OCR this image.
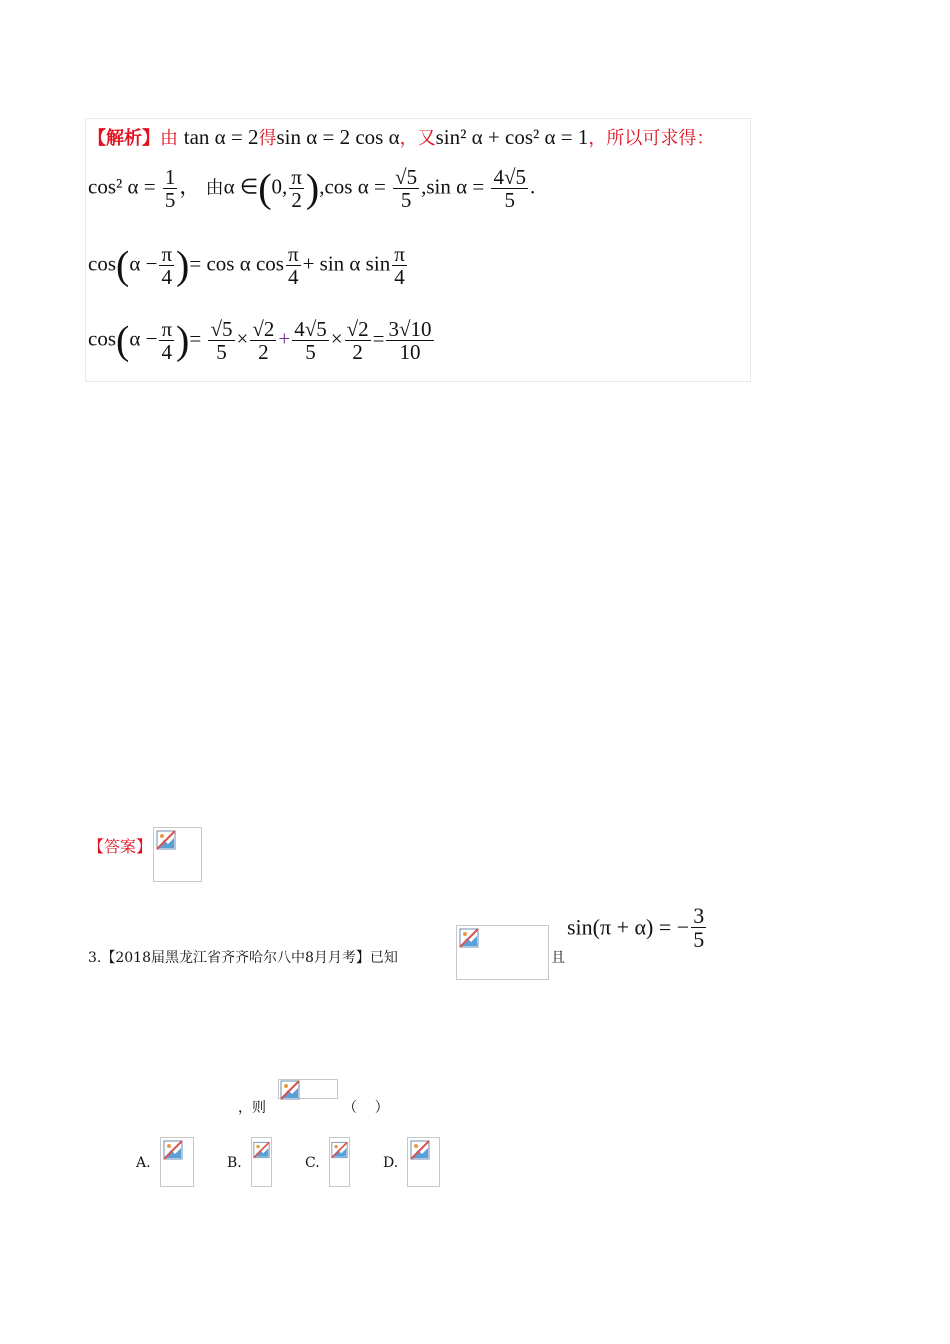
【解析】由 tan α = 2得sin α = 2 cos α，又sin² α + cos² α = 1，所以可求得：
cos² $\alpha = \frac{1}{5}$ ， 由α ∈(0, $\frac{\pi}{2} ),\cos$ $\alpha = \frac{√5}{5} ,\sin$ $\alpha = \frac{4√5}{5}$ .
$\cos(\alpha - \frac{\pi}{4}$ )= cos α $\cos \frac{\pi}{4} + \sin \alpha$ $\sin \frac{\pi}{4}$
$\cos(\alpha - \frac{\pi}{4}$ )= $\frac{√5}{5} \times \frac{√2}{2} + \frac{4√5}{5} \times \frac{√2}{2} = \frac{3√10}{10}$
【答案】
3.【2018届黑龙江省齐齐哈尔八中8月月考】已知	且
sin(π + α) = − $\frac{3}{5}$
，则	（    ）
A.	B.	C.	D.
